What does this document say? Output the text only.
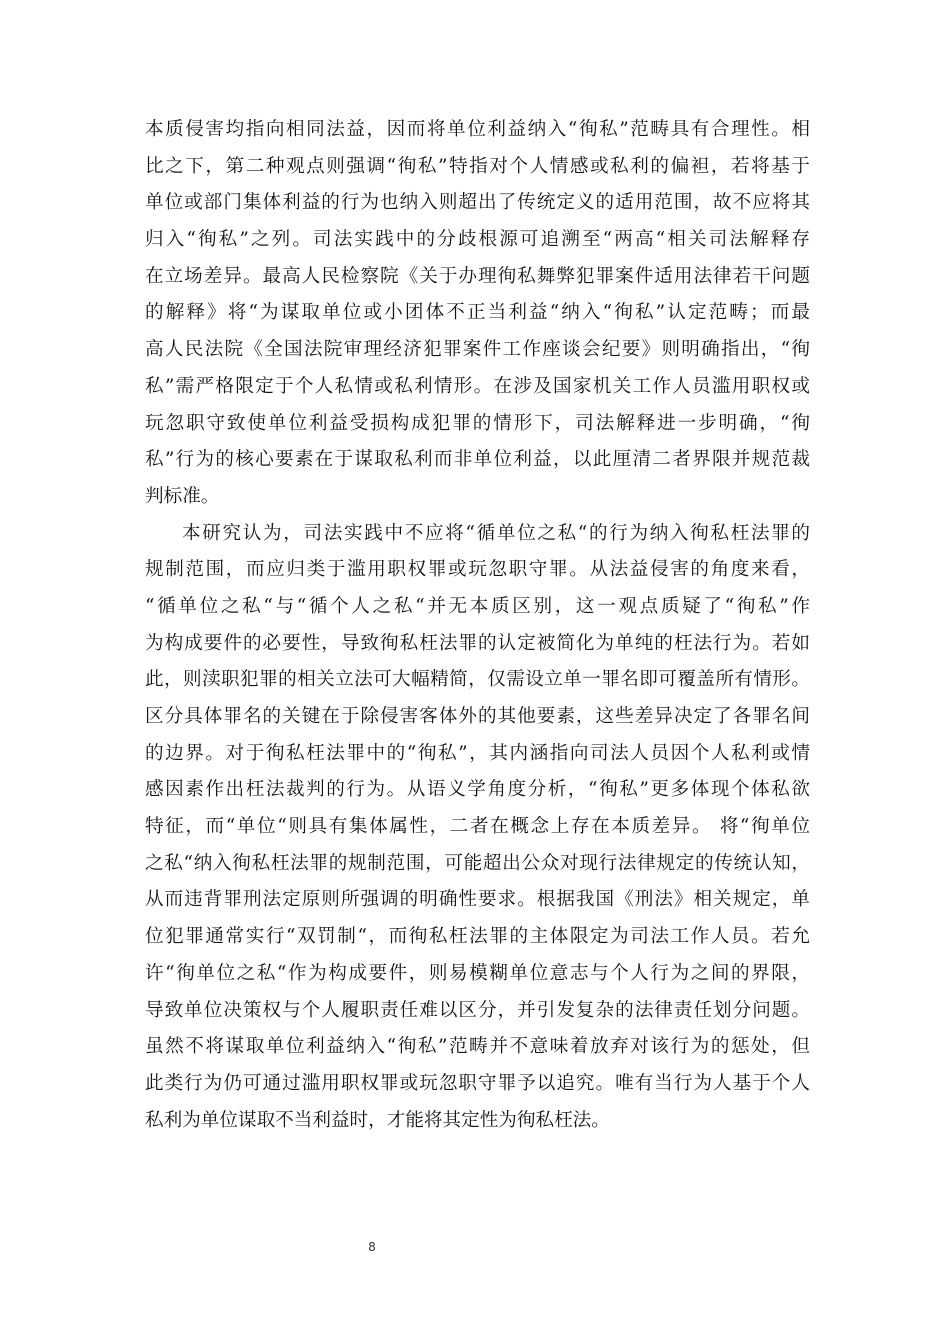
本质侵害均指向相同法益，因而将单位利益纳入“徇私”范畴具有合理性。相
比之下，第二种观点则强调“徇私”特指对个人情感或私利的偏袒，若将基于
单位或部门集体利益的行为也纳入则超出了传统定义的适用范围，故不应将其
归入“徇私”之列。司法实践中的分歧根源可追溯至“两高“相关司法解释存
在立场差异。最高人民检察院《关于办理徇私舞弊犯罪案件适用法律若干问题
的解释》将“为谋取单位或小团体不正当利益“纳入“徇私”认定范畴；而最
高人民法院《全国法院审理经济犯罪案件工作座谈会纪要》则明确指出，“徇
私”需严格限定于个人私情或私利情形。在涉及国家机关工作人员滥用职权或
玩忽职守致使单位利益受损构成犯罪的情形下，司法解释进一步明确，“徇
私”行为的核心要素在于谋取私利而非单位利益，以此厘清二者界限并规范裁
判标准。
本研究认为，司法实践中不应将“循单位之私“的行为纳入徇私枉法罪的
规制范围，而应归类于滥用职权罪或玩忽职守罪。从法益侵害的角度来看，
“循单位之私“与“循个人之私“并无本质区别，这一观点质疑了“徇私”作
为构成要件的必要性，导致徇私枉法罪的认定被简化为单纯的枉法行为。若如
此，则渎职犯罪的相关立法可大幅精简，仅需设立单一罪名即可覆盖所有情形。
区分具体罪名的关键在于除侵害客体外的其他要素，这些差异决定了各罪名间
的边界。对于徇私枉法罪中的“徇私”，其内涵指向司法人员因个人私利或情
感因素作出枉法裁判的行为。从语义学角度分析，“徇私”更多体现个体私欲
特征，而“单位“则具有集体属性，二者在概念上存在本质差异。 将“徇单位
之私“纳入徇私枉法罪的规制范围，可能超出公众对现行法律规定的传统认知，
从而违背罪刑法定原则所强调的明确性要求。根据我国《刑法》相关规定，单
位犯罪通常实行“双罚制“，而徇私枉法罪的主体限定为司法工作人员。若允
许“徇单位之私“作为构成要件，则易模糊单位意志与个人行为之间的界限，
导致单位决策权与个人履职责任难以区分，并引发复杂的法律责任划分问题。
虽然不将谋取单位利益纳入“徇私”范畴并不意味着放弃对该行为的惩处，但
此类行为仍可通过滥用职权罪或玩忽职守罪予以追究。唯有当行为人基于个人
私利为单位谋取不当利益时，才能将其定性为徇私枉法。
8
